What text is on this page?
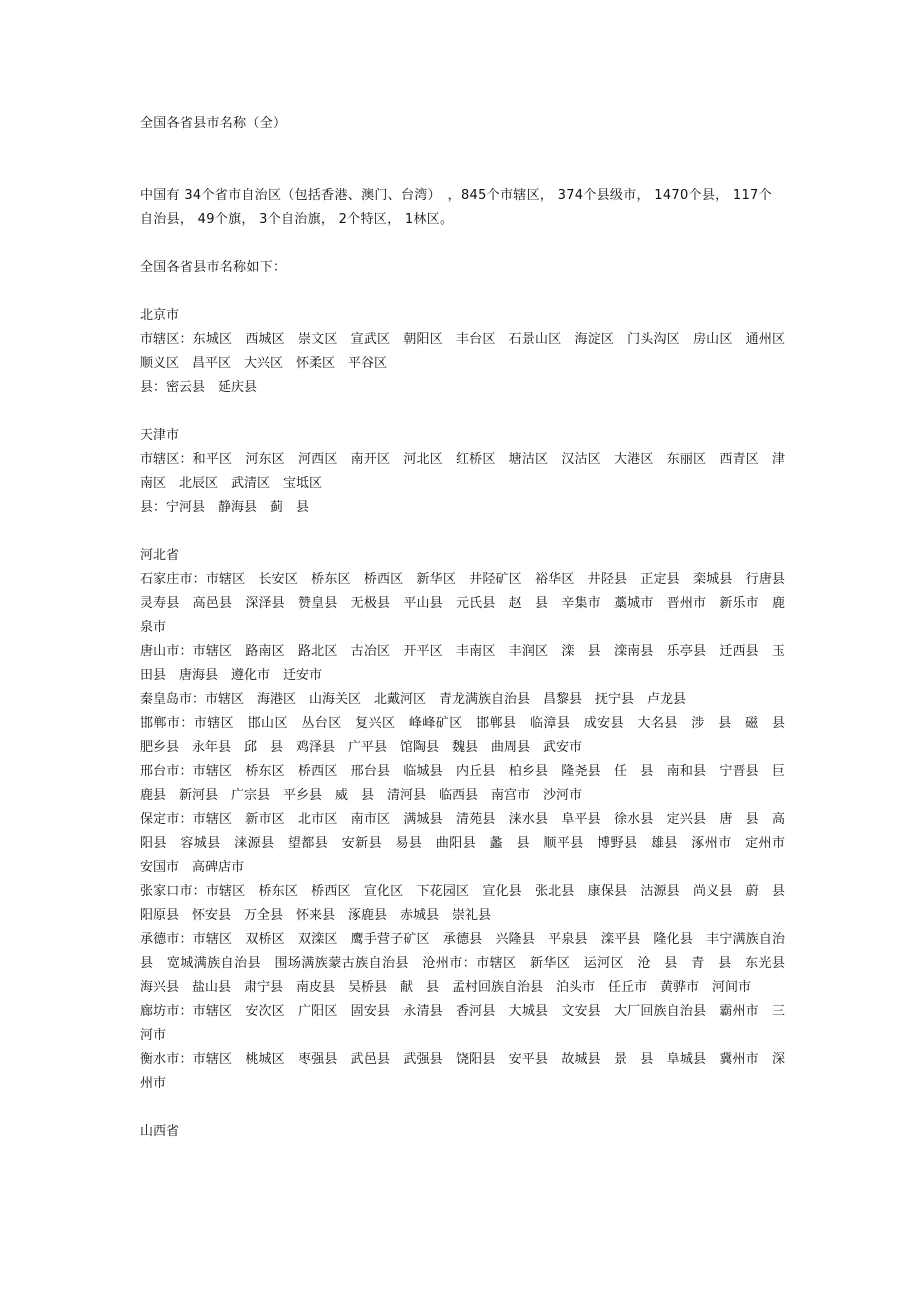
全国各省县市名称（全）

中国有 34个省市自治区（包括香港、澳门、台湾）　，845个市辖区， 374个县级市， 1470个县， 117个自治县， 49个旗， 3个自治旗， 2个特区， 1林区。

全国各省县市名称如下：

北京市
市辖区：东城区　西城区　崇文区　宣武区　朝阳区　丰台区　石景山区　海淀区　门头沟区　房山区　通州区　顺义区　昌平区　大兴区　怀柔区　平谷区
县：密云县　延庆县
天津市
市辖区：和平区　河东区　河西区　南开区　河北区　红桥区　塘沽区　汉沽区　大港区　东丽区　西青区　津南区　北辰区　武清区　宝坻区
县：宁河县　静海县　蓟　县
河北省
石家庄市：市辖区　长安区　桥东区　桥西区　新华区　井陉矿区　裕华区　井陉县　正定县　栾城县　行唐县　灵寿县　高邑县　深泽县　赞皇县　无极县　平山县　元氏县　赵　县　辛集市　藁城市　晋州市　新乐市　鹿泉市
唐山市：市辖区　路南区　路北区　古冶区　开平区　丰南区　丰润区　滦　县　滦南县　乐亭县　迁西县　玉田县　唐海县　遵化市　迁安市
秦皇岛市：市辖区　海港区　山海关区　北戴河区　青龙满族自治县　昌黎县　抚宁县　卢龙县
邯郸市：市辖区　邯山区　丛台区　复兴区　峰峰矿区　邯郸县　临漳县　成安县　大名县　涉　县　磁　县　肥乡县　永年县　邱　县　鸡泽县　广平县　馆陶县　魏县　曲周县　武安市
邢台市：市辖区　桥东区　桥西区　邢台县　临城县　内丘县　柏乡县　隆尧县　任　县　南和县　宁晋县　巨鹿县　新河县　广宗县　平乡县　威　县　清河县　临西县　南宫市　沙河市
保定市：市辖区　新市区　北市区　南市区　满城县　清苑县　涞水县　阜平县　徐水县　定兴县　唐　县　高阳县　容城县　涞源县　望都县　安新县　易县　曲阳县　蠡　县　顺平县　博野县　雄县　涿州市　定州市　安国市　高碑店市
张家口市：市辖区　桥东区　桥西区　宣化区　下花园区　宣化县　张北县　康保县　沽源县　尚义县　蔚　县　阳原县　怀安县　万全县　怀来县　涿鹿县　赤城县　崇礼县
承德市：市辖区　双桥区　双滦区　鹰手营子矿区　承德县　兴隆县　平泉县　滦平县　隆化县　丰宁满族自治县　宽城满族自治县　围场满族蒙古族自治县　沧州市：市辖区　新华区　运河区　沧　县　青　县　东光县　海兴县　盐山县　肃宁县　南皮县　吴桥县　献　县　孟村回族自治县　泊头市　任丘市　黄骅市　河间市
廊坊市：市辖区　安次区　广阳区　固安县　永清县　香河县　大城县　文安县　大厂回族自治县　霸州市　三河市
衡水市：市辖区　桃城区　枣强县　武邑县　武强县　饶阳县　安平县　故城县　景　县　阜城县　冀州市　深州市
山西省
